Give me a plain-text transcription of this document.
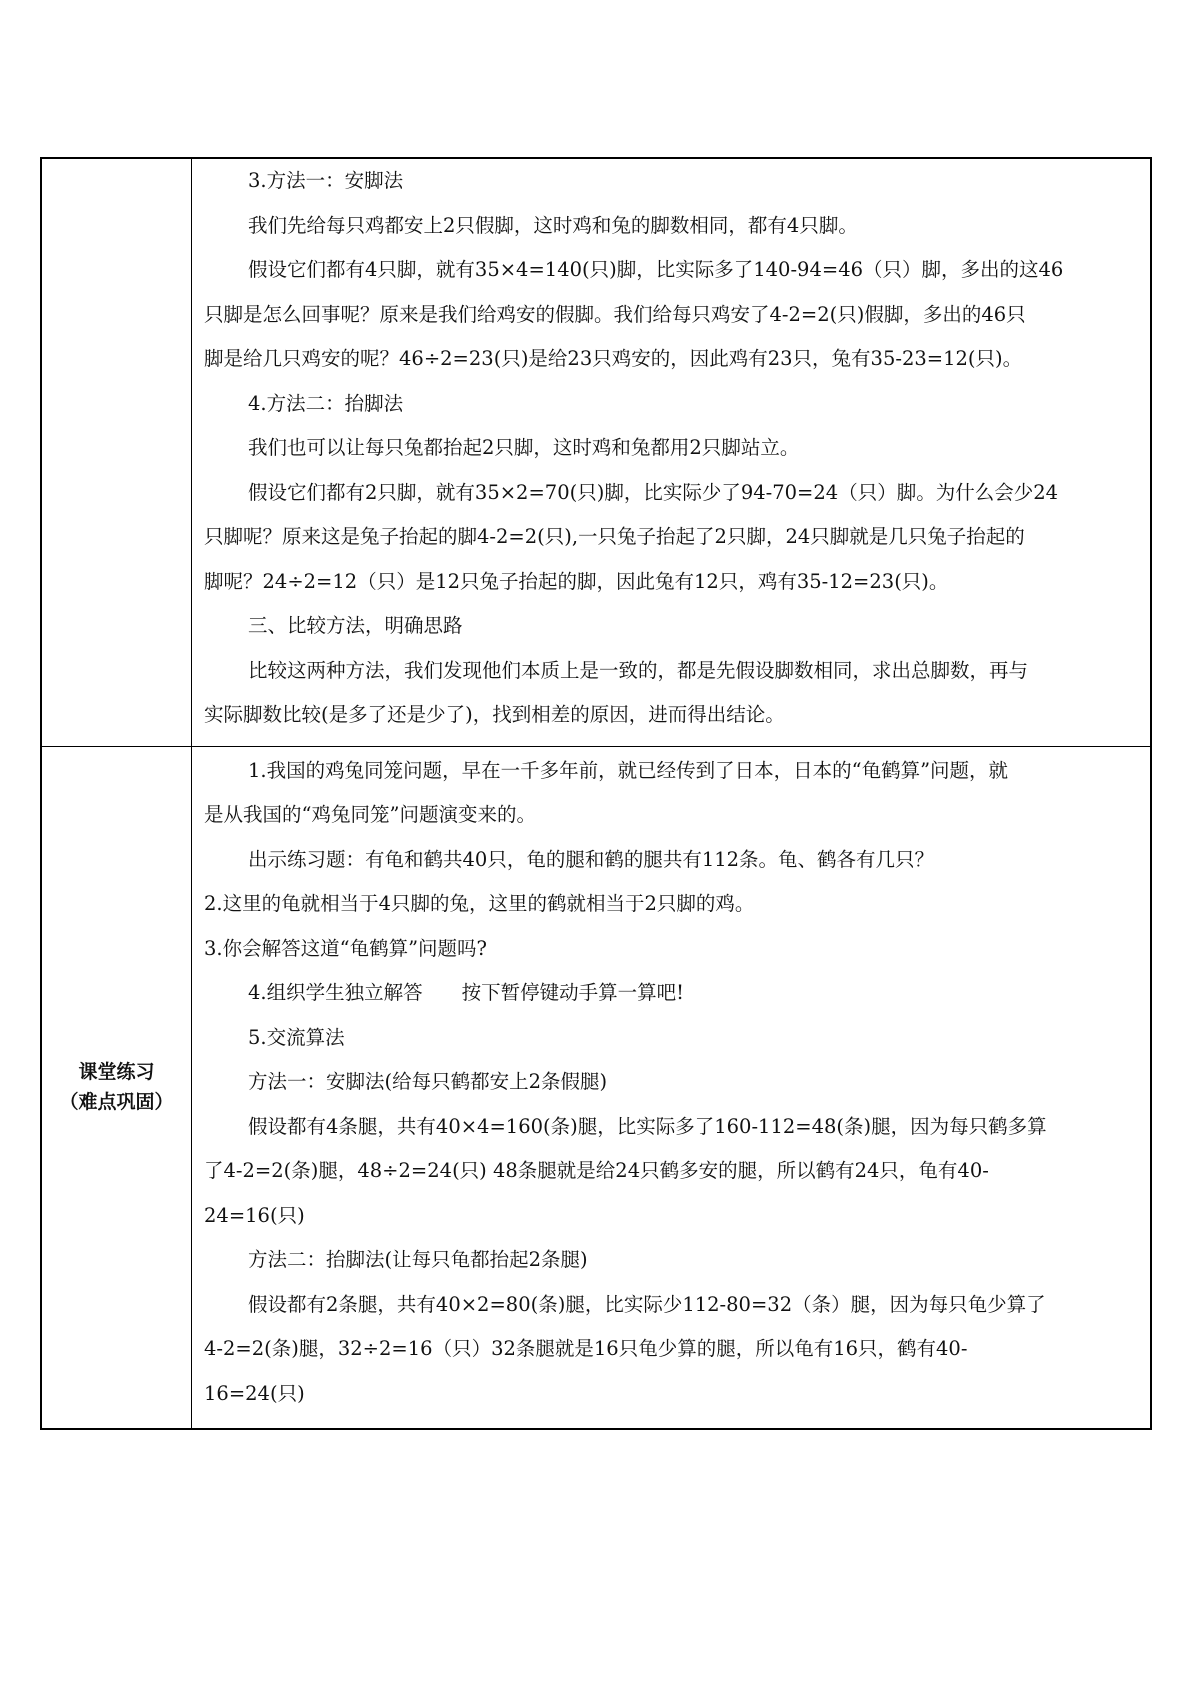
3.方法一：安脚法

我们先给每只鸡都安上2只假脚，这时鸡和兔的脚数相同，都有4只脚。

假设它们都有4只脚，就有35×4=140(只)脚，比实际多了140-94=46（只）脚，多出的这46

只脚是怎么回事呢？原来是我们给鸡安的假脚。我们给每只鸡安了4-2=2(只)假脚，多出的46只

脚是给几只鸡安的呢？46÷2=23(只)是给23只鸡安的，因此鸡有23只，兔有35-23=12(只)。

4.方法二：抬脚法

我们也可以让每只兔都抬起2只脚，这时鸡和兔都用2只脚站立。

假设它们都有2只脚，就有35×2=70(只)脚，比实际少了94-70=24（只）脚。为什么会少24

只脚呢？原来这是兔子抬起的脚4-2=2(只),一只兔子抬起了2只脚，24只脚就是几只兔子抬起的

脚呢？24÷2=12（只）是12只兔子抬起的脚，因此兔有12只，鸡有35-12=23(只)。

三、比较方法，明确思路

比较这两种方法，我们发现他们本质上是一致的，都是先假设脚数相同，求出总脚数，再与

实际脚数比较(是多了还是少了)，找到相差的原因，进而得出结论。

课堂练习
（难点巩固）

1.我国的鸡兔同笼问题，早在一千多年前，就已经传到了日本，日本的“龟鹤算”问题，就

是从我国的“鸡兔同笼”问题演变来的。

出示练习题：有龟和鹤共40只，龟的腿和鹤的腿共有112条。龟、鹤各有几只？

2.这里的龟就相当于4只脚的兔，这里的鹤就相当于2只脚的鸡。

3.你会解答这道“龟鹤算”问题吗?

4.组织学生独立解答　　按下暂停键动手算一算吧!

5.交流算法

方法一：安脚法(给每只鹤都安上2条假腿)

假设都有4条腿，共有40×4=160(条)腿，比实际多了160-112=48(条)腿，因为每只鹤多算

了4-2=2(条)腿，48÷2=24(只) 48条腿就是给24只鹤多安的腿，所以鹤有24只，龟有40-

24=16(只)

方法二：抬脚法(让每只龟都抬起2条腿)

假设都有2条腿，共有40×2=80(条)腿，比实际少112-80=32（条）腿，因为每只龟少算了

4-2=2(条)腿，32÷2=16（只）32条腿就是16只龟少算的腿，所以龟有16只，鹤有40-

16=24(只)
